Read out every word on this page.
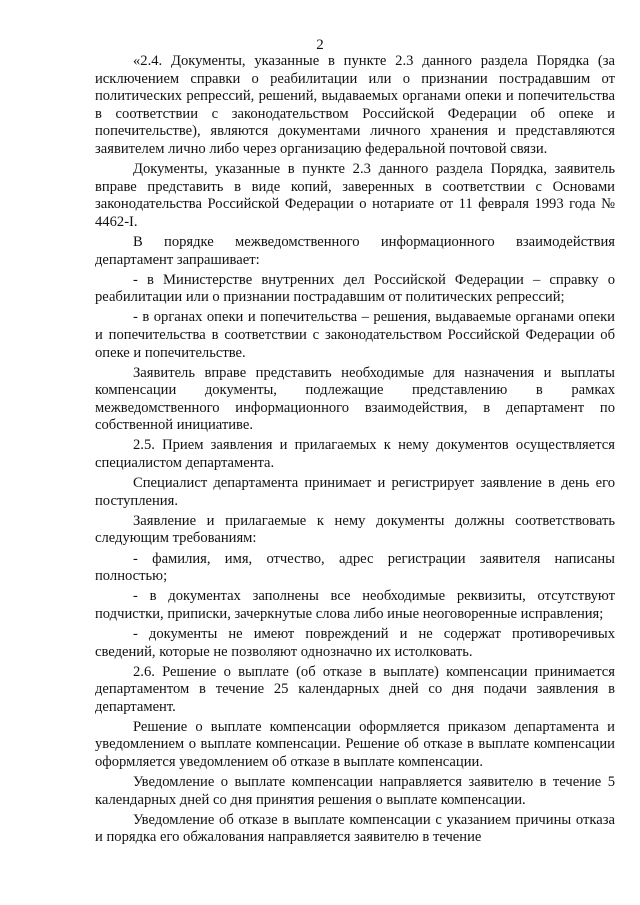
2

«2.4. Документы, указанные в пункте 2.3 данного раздела Порядка (за исключением справки о реабилитации или о признании пострадавшим от политических репрессий, решений, выдаваемых органами опеки и попечительства в соответствии с законодательством Российской Федерации об опеке и попечительстве), являются документами личного хранения и представляются заявителем лично либо через организацию федеральной почтовой связи.

Документы, указанные в пункте 2.3 данного раздела Порядка, заявитель вправе представить в виде копий, заверенных в соответствии с Основами законодательства Российской Федерации о нотариате от 11 февраля 1993 года № 4462-I.

В порядке межведомственного информационного взаимодействия департамент запрашивает:

- в Министерстве внутренних дел Российской Федерации – справку о реабилитации или о признании пострадавшим от политических репрессий;

- в органах опеки и попечительства – решения, выдаваемые органами опеки и попечительства в соответствии с законодательством Российской Федерации об опеке и попечительстве.

Заявитель вправе представить необходимые для назначения и выплаты компенсации документы, подлежащие представлению в рамках межведомственного информационного взаимодействия, в департамент по собственной инициативе.

2.5. Прием заявления и прилагаемых к нему документов осуществляется специалистом департамента.

Специалист департамента принимает и регистрирует заявление в день его поступления.

Заявление и прилагаемые к нему документы должны соответствовать следующим требованиям:

- фамилия, имя, отчество, адрес регистрации заявителя написаны полностью;

- в документах заполнены все необходимые реквизиты, отсутствуют подчистки, приписки, зачеркнутые слова либо иные неоговоренные исправления;

- документы не имеют повреждений и не содержат противоречивых сведений, которые не позволяют однозначно их истолковать.

2.6. Решение о выплате (об отказе в выплате) компенсации принимается департаментом в течение 25 календарных дней со дня подачи заявления в департамент.

Решение о выплате компенсации оформляется приказом департамента и уведомлением о выплате компенсации. Решение об отказе в выплате компенсации оформляется уведомлением об отказе в выплате компенсации.

Уведомление о выплате компенсации направляется заявителю в течение 5 календарных дней со дня принятия решения о выплате компенсации.

Уведомление об отказе в выплате компенсации с указанием причины отказа и порядка его обжалования направляется заявителю в течение
